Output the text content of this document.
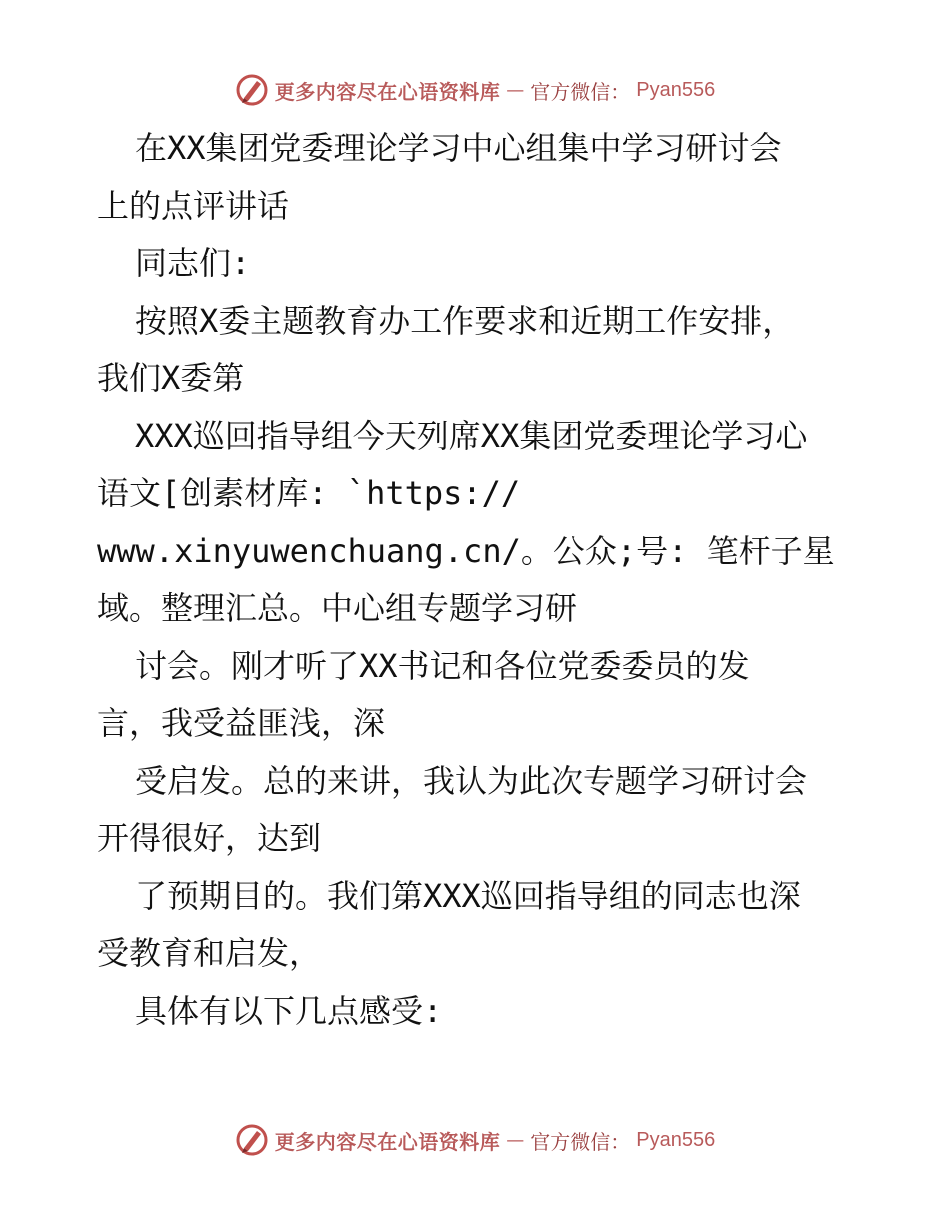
更多内容尽在心语资料库 — 官方微信： Pyan556
在XX集团党委理论学习中心组集中学习研讨会
上的点评讲话
同志们:
按照X委主题教育办工作要求和近期工作安排，
我们X委第
XXX巡回指导组今天列席XX集团党委理论学习心
语文[创素材库: `https://
www.xinyuwenchuang.cn/。公众;号: 笔杆子星
域。整理汇总。中心组专题学习研
讨会。刚才听了XX书记和各位党委委员的发
言，我受益匪浅，深
受启发。总的来讲，我认为此次专题学习研讨会
开得很好，达到
了预期目的。我们第XXX巡回指导组的同志也深
受教育和启发，
具体有以下几点感受:
更多内容尽在心语资料库 — 官方微信： Pyan556
